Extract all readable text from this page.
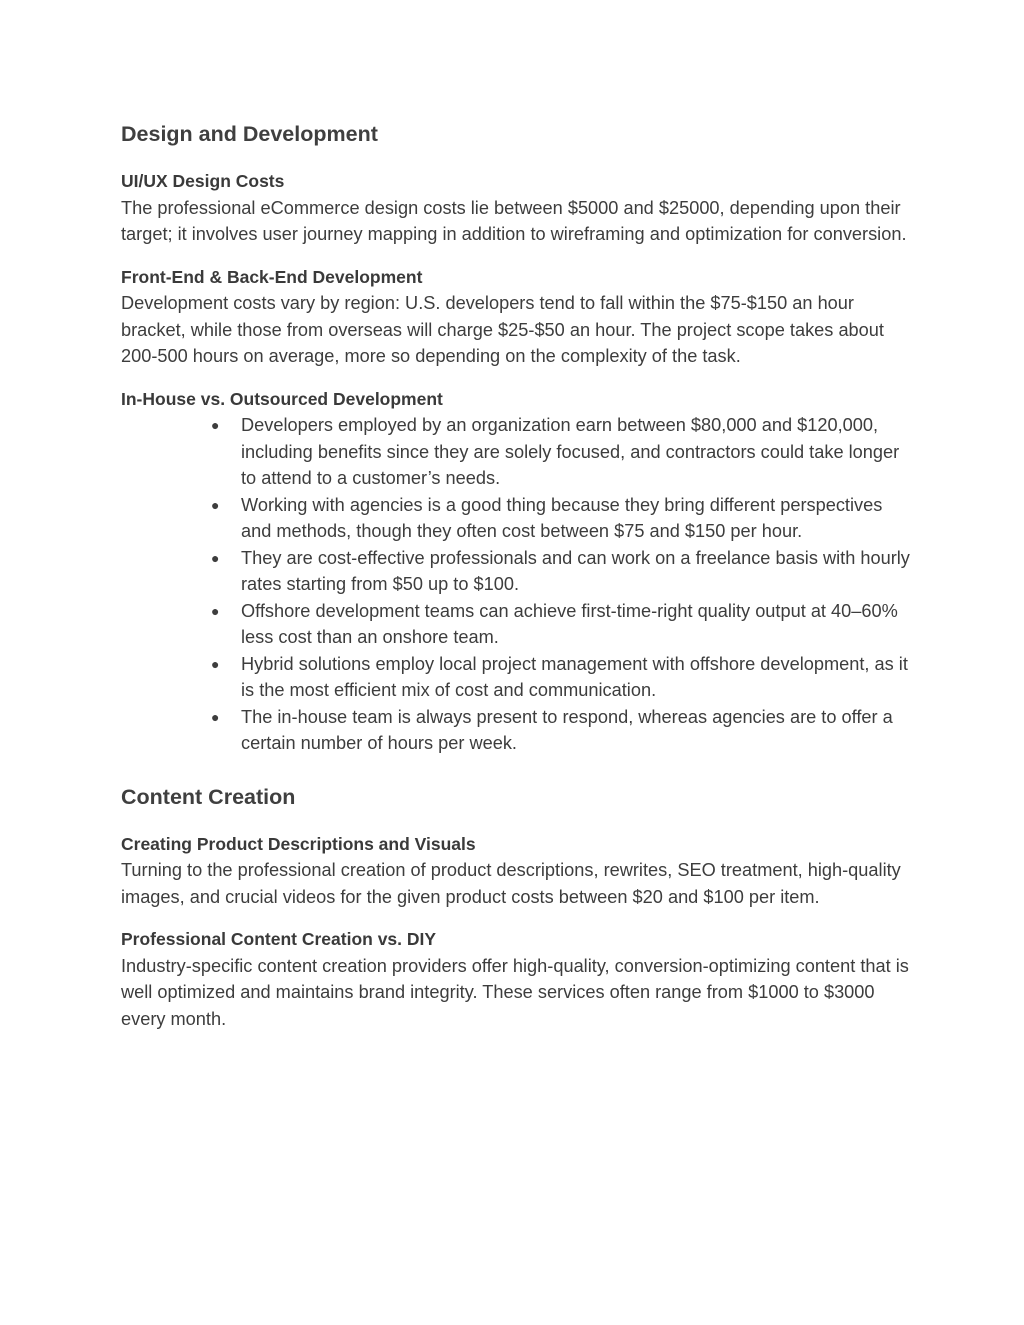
Design and Development
UI/UX Design Costs

The professional eCommerce design costs lie between $5000 and $25000, depending upon their target; it involves user journey mapping in addition to wireframing and optimization for conversion.

Front-End & Back-End Development

Development costs vary by region: U.S. developers tend to fall within the $75-$150 an hour bracket, while those from overseas will charge $25-$50 an hour. The project scope takes about 200-500 hours on average, more so depending on the complexity of the task.

In-House vs. Outsourced Development
● Developers employed by an organization earn between $80,000 and $120,000, including benefits since they are solely focused, and contractors could take longer to attend to a customer’s needs.
● Working with agencies is a good thing because they bring different perspectives and methods, though they often cost between $75 and $150 per hour.
● They are cost-effective professionals and can work on a freelance basis with hourly rates starting from $50 up to $100.
● Offshore development teams can achieve first-time-right quality output at 40–60% less cost than an onshore team.
● Hybrid solutions employ local project management with offshore development, as it is the most efficient mix of cost and communication.
● The in-house team is always present to respond, whereas agencies are to offer a certain number of hours per week.
Content Creation
Creating Product Descriptions and Visuals

Turning to the professional creation of product descriptions, rewrites, SEO treatment, high-quality images, and crucial videos for the given product costs between $20 and $100 per item.

Professional Content Creation vs. DIY

Industry-specific content creation providers offer high-quality, conversion-optimizing content that is well optimized and maintains brand integrity. These services often range from $1000 to $3000 every month.
